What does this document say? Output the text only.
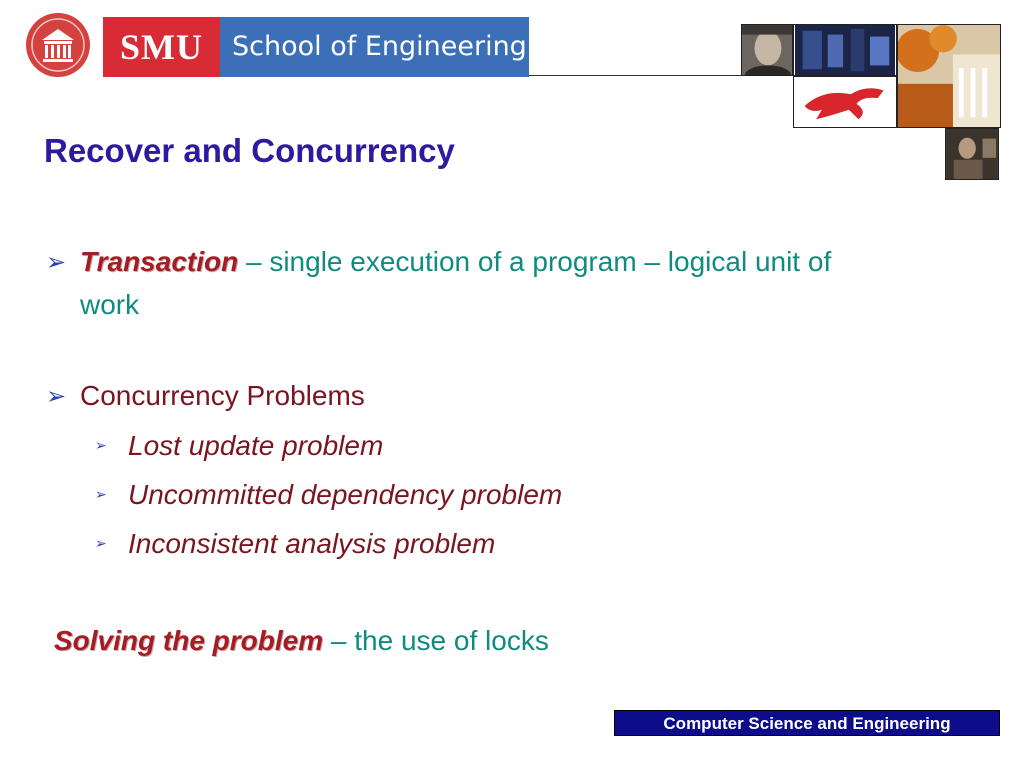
SMU	School of Engineering
Recover and Concurrency
➢ Transaction – single execution of a program – logical unit of
work
➢ Concurrency Problems
➢ Lost update problem
➢ Uncommitted dependency problem
➢ Inconsistent analysis problem
Solving the problem – the use of locks
Computer Science and Engineering
